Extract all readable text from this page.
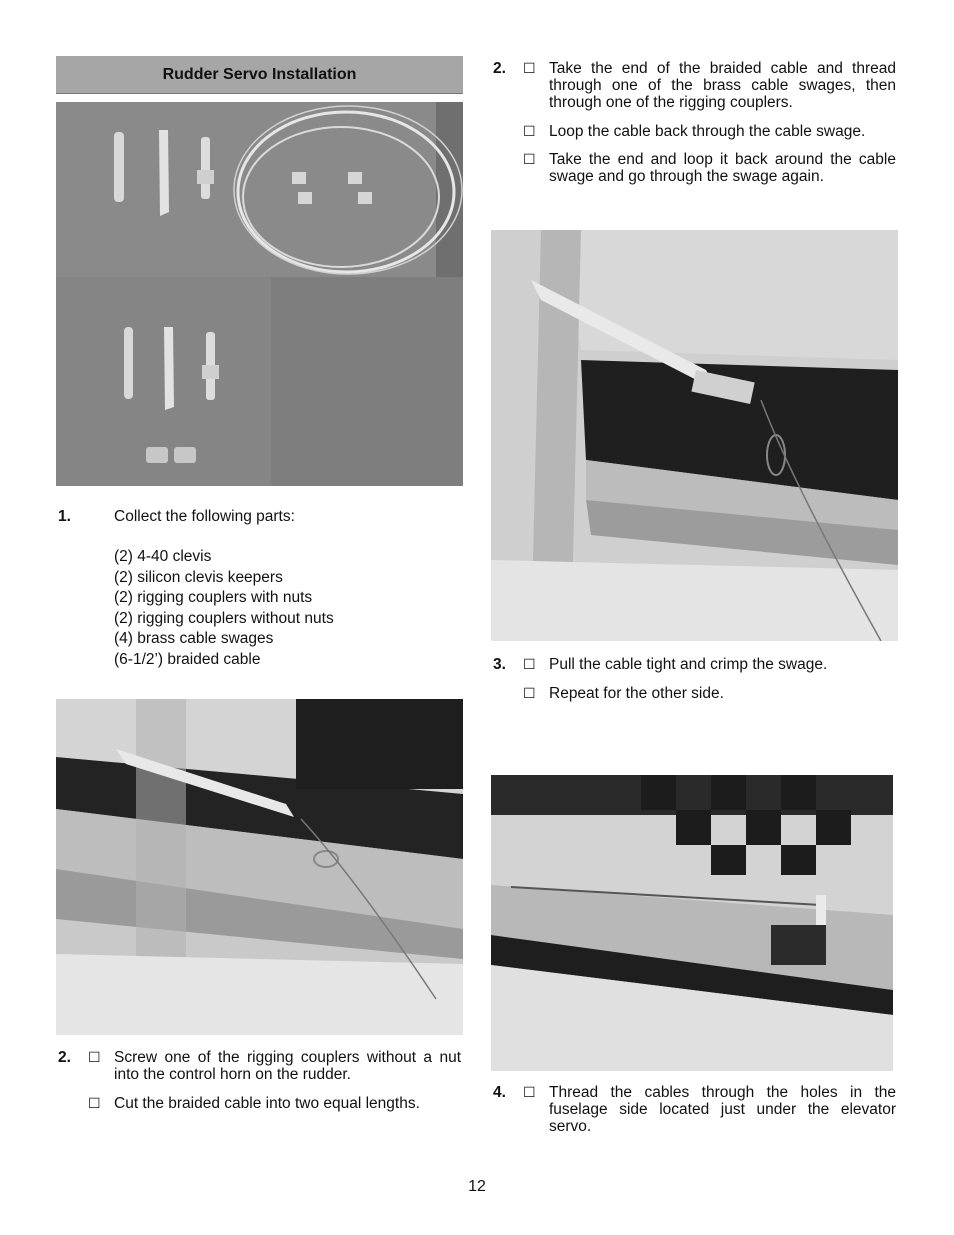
Rudder Servo Installation
1.	Collect the following parts:
(2) 4-40 clevis
(2) silicon clevis keepers
(2) rigging couplers with nuts
(2) rigging couplers without nuts
(4) brass cable swages
(6-1/2’) braided cable
2.	☐ Screw one of the rigging couplers without a nut into the control horn on the rudder.
☐ Cut the braided cable into two equal lengths.
2.	☐ Take the end of the braided cable and thread through one of the brass cable swages, then through one of the rigging couplers.
☐ Loop the cable back through the cable swage.
☐ Take the end and loop it back around the cable swage and go through the swage again.
3.	☐ Pull the cable tight and crimp the swage.
☐ Repeat for the other side.
4.	☐ Thread the cables through the holes in the fuselage side located just under the elevator servo.
12
